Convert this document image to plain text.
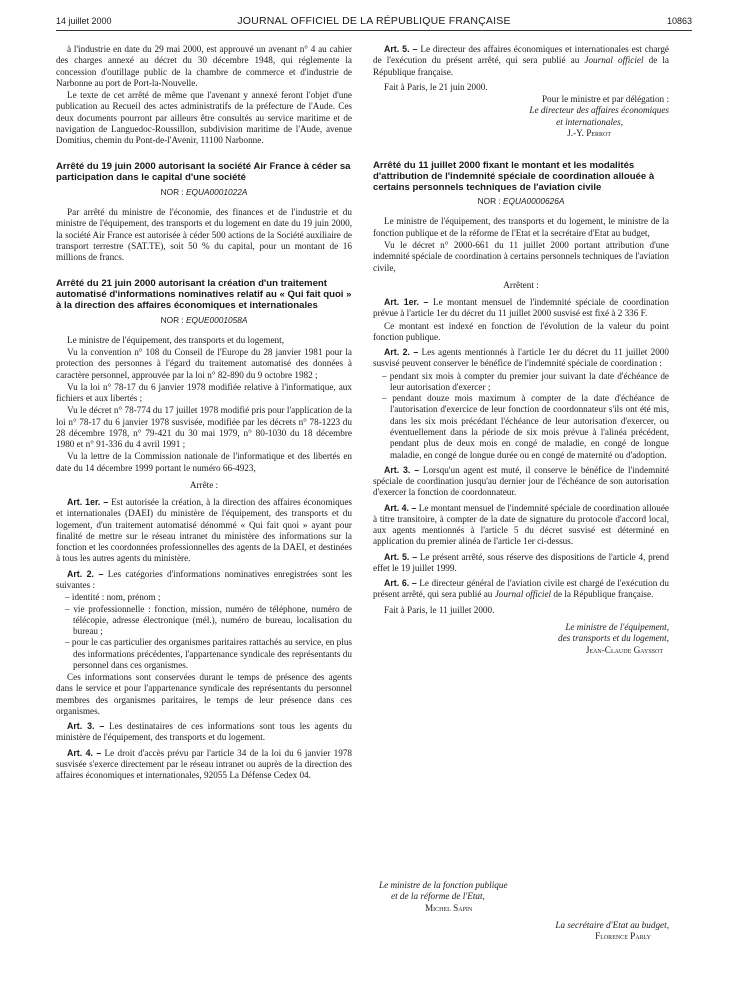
14 juillet 2000	JOURNAL OFFICIEL DE LA RÉPUBLIQUE FRANÇAISE	10863

à l'industrie en date du 29 mai 2000, est approuvé un avenant n° 4 au cahier des charges annexé au décret du 30 décembre 1948, qui réglemente la concession d'outillage public de la chambre de commerce et d'industrie de Narbonne au port de Port-la-Nouvelle.

Le texte de cet arrêté de même que l'avenant y annexé feront l'objet d'une publication au Recueil des actes administratifs de la préfecture de l'Aude. Ces deux documents pourront par ailleurs être consultés au service maritime et de navigation de Languedoc-Roussillon, subdivision maritime de l'Aude, avenue Domitius, chemin du Pont-de-l'Avenir, 11100 Narbonne.

Arrêté du 19 juin 2000 autorisant la société Air France à céder sa participation dans le capital d'une société
NOR : EQUA0001022A

Par arrêté du ministre de l'économie, des finances et de l'industrie et du ministre de l'équipement, des transports et du logement en date du 19 juin 2000, la société Air France est autorisée à céder 500 actions de la Société auxiliaire de transport terrestre (SAT.TE), soit 50 % du capital, pour un montant de 16 millions de francs.

Arrêté du 21 juin 2000 autorisant la création d'un traitement automatisé d'informations nominatives relatif au « Qui fait quoi » à la direction des affaires économiques et internationales
NOR : EQUE0001058A

Le ministre de l'équipement, des transports et du logement,

Vu la convention n° 108 du Conseil de l'Europe du 28 janvier 1981 pour la protection des personnes à l'égard du traitement automatisé des données à caractère personnel, approuvée par la loi n° 82-890 du 9 octobre 1982 ;

Vu la loi n° 78-17 du 6 janvier 1978 modifiée relative à l'informatique, aux fichiers et aux libertés ;

Vu le décret n° 78-774 du 17 juillet 1978 modifié pris pour l'application de la loi n° 78-17 du 6 janvier 1978 susvisée, modifiée par les décrets n° 78-1223 du 28 décembre 1978, n° 79-421 du 30 mai 1979, n° 80-1030 du 18 décembre 1980 et n° 91-336 du 4 avril 1991 ;

Vu la lettre de la Commission nationale de l'informatique et des libertés en date du 14 décembre 1999 portant le numéro 66-4923,

Arrête :

Art. 1er. – Est autorisée la création, à la direction des affaires économiques et internationales (DAEI) du ministère de l'équipement, des transports et du logement, d'un traitement automatisé dénommé « Qui fait quoi » ayant pour finalité de mettre sur le réseau intranet du ministère des informations sur la fonction et les coordonnées professionnelles des agents de la DAEI, et destinées à tous les autres agents du ministère.

Art. 2. – Les catégories d'informations nominatives enregistrées sont les suivantes :

– identité : nom, prénom ;
– vie professionnelle : fonction, mission, numéro de téléphone, numéro de télécopie, adresse électronique (mél.), numéro de bureau, localisation du bureau ;
– pour le cas particulier des organismes paritaires rattachés au service, en plus des informations précédentes, l'appartenance syndicale des représentants du personnel dans ces organismes.

Ces informations sont conservées durant le temps de présence des agents dans le service et pour l'appartenance syndicale des représentants du personnel membres des organismes paritaires, le temps de leur présence dans ces organismes.

Art. 3. – Les destinataires de ces informations sont tous les agents du ministère de l'équipement, des transports et du logement.

Art. 4. – Le droit d'accès prévu par l'article 34 de la loi du 6 janvier 1978 susvisée s'exerce directement par le réseau intranet ou auprès de la direction des affaires économiques et internationales, 92055 La Défense Cedex 04.

Art. 5. – Le directeur des affaires économiques et internationales est chargé de l'exécution du présent arrêté, qui sera publié au Journal officiel de la République française.

Fait à Paris, le 21 juin 2000.

Pour le ministre et par délégation :

Le directeur des affaires économiques

et internationales,

J.-Y. Perrot

Arrêté du 11 juillet 2000 fixant le montant et les modalités d'attribution de l'indemnité spéciale de coordination allouée à certains personnels techniques de l'aviation civile
NOR : EQUA0000626A

Le ministre de l'équipement, des transports et du logement, le ministre de la fonction publique et de la réforme de l'Etat et la secrétaire d'Etat au budget,

Vu le décret n° 2000-661 du 11 juillet 2000 portant attribution d'une indemnité spéciale de coordination à certains personnels techniques de l'aviation civile,

Arrêtent :

Art. 1er. – Le montant mensuel de l'indemnité spéciale de coordination prévue à l'article 1er du décret du 11 juillet 2000 susvisé est fixé à 2 336 F.

Ce montant est indexé en fonction de l'évolution de la valeur du point fonction publique.

Art. 2. – Les agents mentionnés à l'article 1er du décret du 11 juillet 2000 susvisé peuvent conserver le bénéfice de l'indemnité spéciale de coordination :

– pendant six mois à compter du premier jour suivant la date d'échéance de leur autorisation d'exercer ;
– pendant douze mois maximum à compter de la date d'échéance de l'autorisation d'exercice de leur fonction de coordonnateur s'ils ont été mis, dans les six mois précédant l'échéance de leur autorisation d'exercer, ou éventuellement dans la période de six mois prévue à l'alinéa précédent, pendant plus de deux mois en congé de maladie, en congé de longue maladie, en congé de longue durée ou en congé de maternité ou d'adoption.

Art. 3. – Lorsqu'un agent est muté, il conserve le bénéfice de l'indemnité spéciale de coordination jusqu'au dernier jour de l'échéance de son autorisation d'exercer la fonction de coordonnateur.

Art. 4. – Le montant mensuel de l'indemnité spéciale de coordination allouée à titre transitoire, à compter de la date de signature du protocole d'accord local, aux agents mentionnés à l'article 5 du décret susvisé est déterminé en application du premier alinéa de l'article 1er ci-dessus.

Art. 5. – Le présent arrêté, sous réserve des dispositions de l'article 4, prend effet le 19 juillet 1999.

Art. 6. – Le directeur général de l'aviation civile est chargé de l'exécution du présent arrêté, qui sera publié au Journal officiel de la République française.

Fait à Paris, le 11 juillet 2000.

Le ministre de l'équipement,

des transports et du logement,

Jean-Claude Gayssot

Le ministre de la fonction publique

et de la réforme de l'Etat,

Michel Sapin

La secrétaire d'Etat au budget,

Florence Parly
